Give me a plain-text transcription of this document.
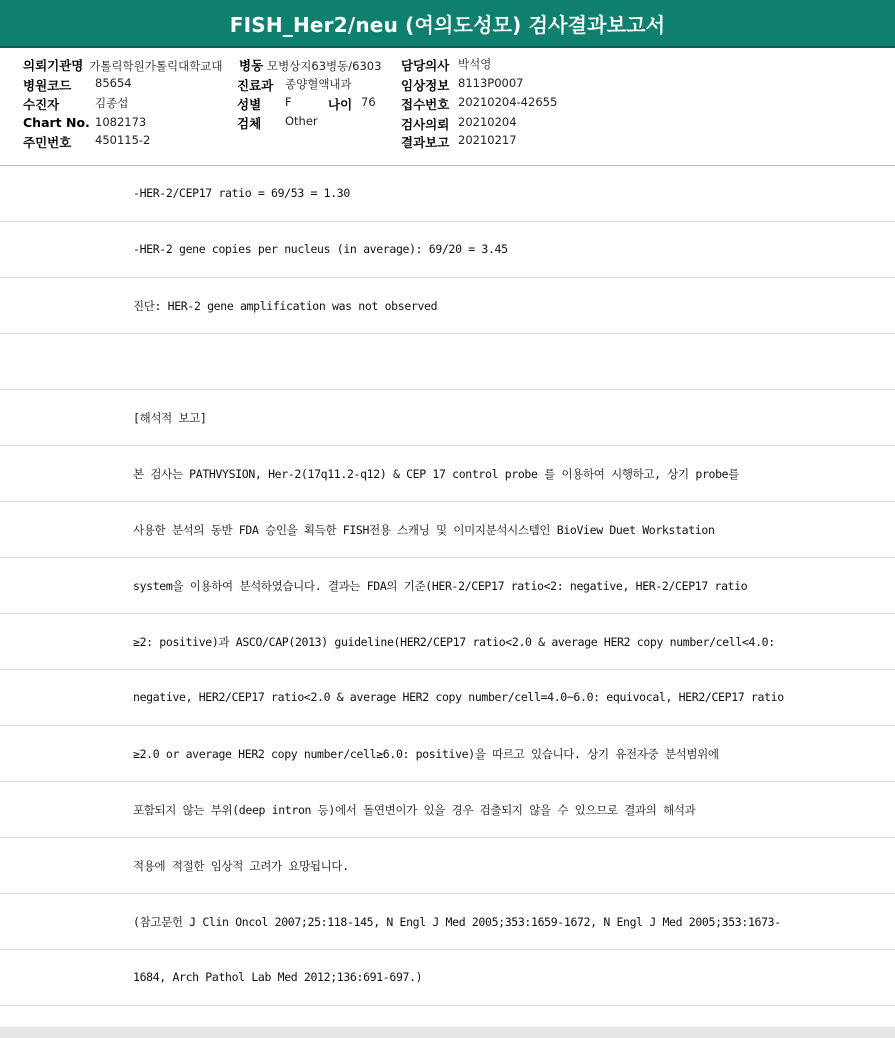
FISH_Her2/neu (여의도성모) 검사결과보고서
의뢰기관명 가톨릭학원가톨릭대학교대
병원코드 85654
수진자	김종섭
Chart No. 1082173
주민번호 450115-2
병동 모병상지63병동/6303
진료과 종양혈액내과
성별 F	나이 76
검체 Other
담당의사 박석영
임상정보 8113P0007
접수번호 20210204-42655
검사의뢰 20210204
결과보고 20210217
-HER-2/CEP17 ratio = 69/53 = 1.30
-HER-2 gene copies per nucleus (in average): 69/20 = 3.45
진단: HER-2 gene amplification was not observed
[해석적 보고]
본 검사는 PATHVYSION, Her-2(17q11.2-q12) & CEP 17 control probe 를 이용하여 시행하고, 상기 probe를
사용한 분석의 동반 FDA 승인을 획득한 FISH전용 스캐닝 및 이미지분석시스템인 BioView Duet Workstation
system을 이용하여 분석하였습니다. 결과는 FDA의 기준(HER-2/CEP17 ratio<2: negative, HER-2/CEP17 ratio
≥2: positive)과 ASCO/CAP(2013) guideline(HER2/CEP17 ratio<2.0 & average HER2 copy number/cell<4.0:
negative, HER2/CEP17 ratio<2.0 & average HER2 copy number/cell=4.0~6.0: equivocal, HER2/CEP17 ratio
≥2.0 or average HER2 copy number/cell≥6.0: positive)을 따르고 있습니다. 상기 유전자중 분석범위에
포함되지 않는 부위(deep intron 등)에서 돌연변이가 있을 경우 검출되지 않을 수 있으므로 결과의 해석과
적용에 적절한 임상적 고려가 요망됩니다.
(참고문헌 J Clin Oncol 2007;25:118-145, N Engl J Med 2005;353:1659-1672, N Engl J Med 2005;353:1673-
1684, Arch Pathol Lab Med 2012;136:691-697.)
